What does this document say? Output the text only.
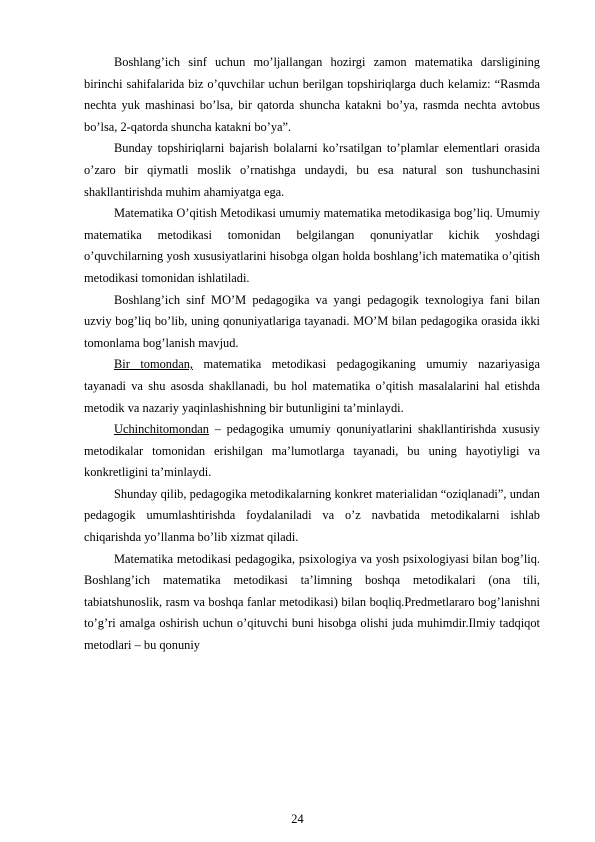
Boshlang’ich sinf uchun mo’ljallangan hozirgi zamon matematika darsligining birinchi sahifalarida biz o’quvchilar uchun berilgan topshiriqlarga duch kelamiz: “Rasmda nechta yuk mashinasi bo’lsa, bir qatorda shuncha katakni bo’ya, rasmda nechta avtobus bo’lsa, 2-qatorda shuncha katakni bo’ya”.

Bunday topshiriqlarni bajarish bolalarni ko’rsatilgan to’plamlar elementlari orasida o’zaro bir qiymatli moslik o’rnatishga undaydi, bu esa natural son tushunchasini shakllantirishda muhim ahamiyatga ega.

Matematika O’qitish Metodikasi umumiy matematika metodikasiga bog’liq. Umumiy matematika metodikasi tomonidan belgilangan qonuniyatlar kichik yoshdagi o’quvchilarning yosh xususiyatlarini hisobga olgan holda boshlang’ich matematika o’qitish metodikasi tomonidan ishlatiladi.

Boshlang’ich sinf MO’M pedagogika va yangi pedagogik texnologiya fani bilan uzviy bog’liq bo’lib, uning qonuniyatlariga tayanadi. MO’M bilan pedagogika orasida ikki tomonlama bog’lanish mavjud.

Bir tomondan, matematika metodikasi pedagogikaning umumiy nazariyasiga tayanadi va shu asosda shakllanadi, bu hol matematika o’qitish masalalarini hal etishda metodik va nazariy yaqinlashishning bir butunligini ta’minlaydi.

Uchinchitomondan – pedagogika umumiy qonuniyatlarini shakllantirishda xususiy metodikalar tomonidan erishilgan ma’lumotlarga tayanadi, bu uning hayotiyligi va konkretligini ta’minlaydi.

Shunday qilib, pedagogika metodikalarning konkret materialidan “oziqlanadi”, undan pedagogik umumlashtirishda foydalaniladi va o’z navbatida metodikalarni ishlab chiqarishda yo’llanma bo’lib xizmat qiladi.

Matematika metodikasi pedagogika, psixologiya va yosh psixologiyasi bilan bog’liq. Boshlang’ich matematika metodikasi ta’limning boshqa metodikalari (ona tili, tabiatshunoslik, rasm va boshqa fanlar metodikasi) bilan boqliq.Predmetlararo bog’lanishni to’g’ri amalga oshirish uchun o’qituvchi buni hisobga olishi juda muhimdir.Ilmiy tadqiqot metodlari – bu qonuniy

24
